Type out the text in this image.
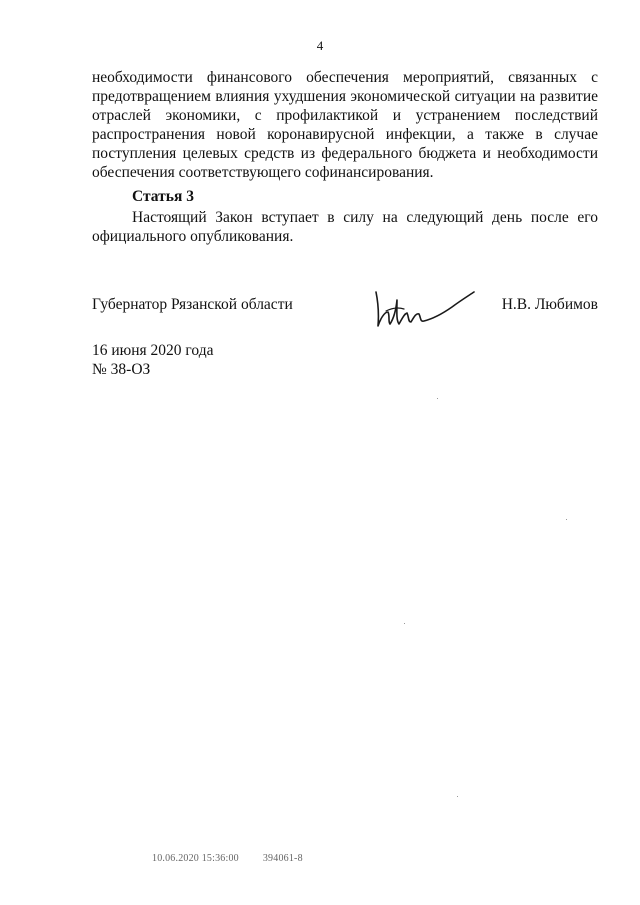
4
необходимости финансового обеспечения мероприятий, связанных с
предотвращением влияния ухудшения экономической ситуации на развитие
отраслей экономики, с профилактикой и устранением последствий
распространения новой коронавирусной инфекции, а также в случае
поступления целевых средств из федерального бюджета и необходимости
обеспечения соответствующего софинансирования.
Статья 3
Настоящий Закон вступает в силу на следующий день после его
официального опубликования.
Губернатор Рязанской области	Н.В. Любимов
16 июня 2020 года
№ 38-ОЗ
10.06.2020 15:36:00 394061-8
